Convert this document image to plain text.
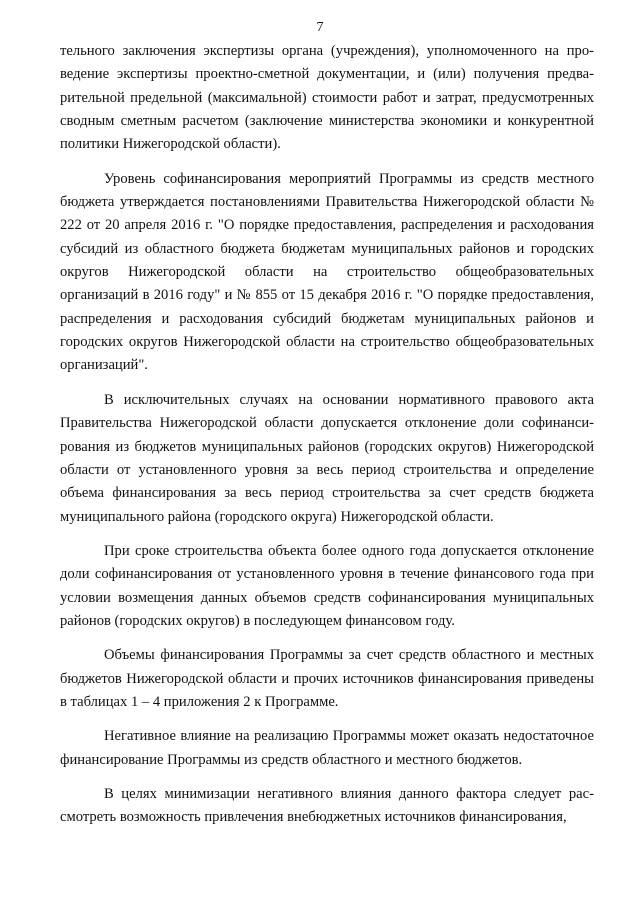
7

тельного заключения экспертизы органа (учреждения), уполномоченного на проведение экспертизы проектно-сметной документации, и (или) получения предварительной предельной (максимальной) стоимости работ и затрат, предусмотренных сводным сметным расчетом (заключение министерства экономики и конкурентной политики Нижегородской области).

Уровень софинансирования мероприятий Программы из средств местного бюджета утверждается постановлениями Правительства Нижегородской области № 222 от 20 апреля 2016 г. "О порядке предоставления, распределения и расходования субсидий из областного бюджета бюджетам муниципальных районов и городских округов Нижегородской области на строительство общеобразовательных организаций в 2016 году" и № 855 от 15 декабря 2016 г. "О порядке предоставления, распределения и расходования субсидий бюджетам муниципальных районов и городских округов Нижегородской области на строительство общеобразовательных организаций".

В исключительных случаях на основании нормативного правового акта Правительства Нижегородской области допускается отклонение доли софинансирования из бюджетов муниципальных районов (городских округов) Нижегородской области от установленного уровня за весь период строительства и определение объема финансирования за весь период строительства за счет средств бюджета муниципального района (городского округа) Нижегородской области.

При сроке строительства объекта более одного года допускается отклонение доли софинансирования от установленного уровня в течение финансового года при условии возмещения данных объемов средств софинансирования муниципальных районов (городских округов) в последующем финансовом году.

Объемы финансирования Программы за счет средств областного и местных бюджетов Нижегородской области и прочих источников финансирования приведены в таблицах 1 – 4 приложения 2 к Программе.

Негативное влияние на реализацию Программы может оказать недостаточное финансирование Программы из средств областного и местного бюджетов.

В целях минимизации негативного влияния данного фактора следует рассмотреть возможность привлечения внебюджетных источников финансирования,
